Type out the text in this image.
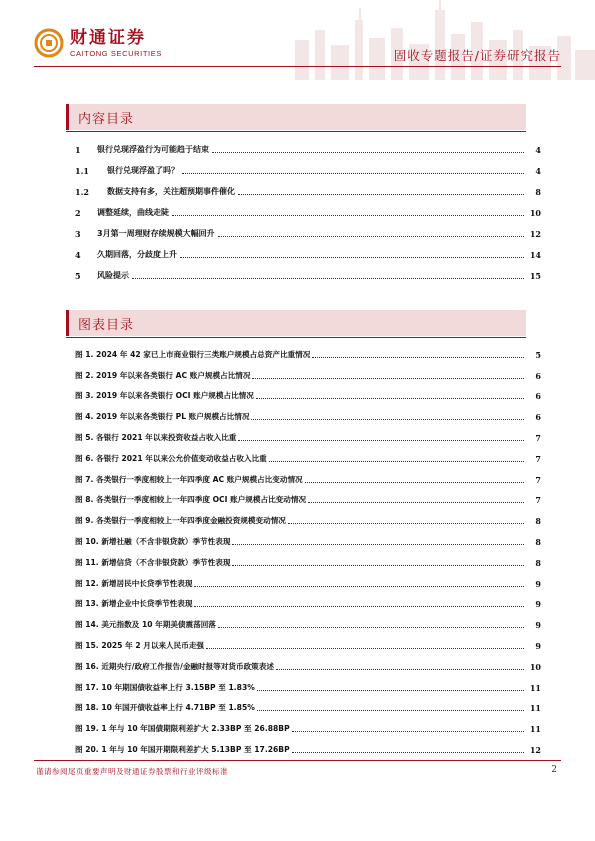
财通证券
CAITONG SECURITIES	固收专题报告/证券研究报告
内容目录
1	银行兑现浮盈行为可能趋于结束	4
1.1	银行兑现浮盈了吗？	4
1.2	数据支持有多，关注超预期事件催化	8
2	调整延续，曲线走陡	10
3	3月第一周理财存续规模大幅回升	12
4	久期回落，分歧度上升	14
5	风险提示	15
图表目录
图 1. 2024 年 42 家已上市商业银行三类账户规模占总资产比重情况	5
图 2. 2019 年以来各类银行 AC 账户规模占比情况	6
图 3. 2019 年以来各类银行 OCI 账户规模占比情况	6
图 4. 2019 年以来各类银行 PL 账户规模占比情况	6
图 5. 各银行 2021 年以来投资收益占收入比重	7
图 6. 各银行 2021 年以来公允价值变动收益占收入比重	7
图 7. 各类银行一季度相较上一年四季度 AC 账户规模占比变动情况	7
图 8. 各类银行一季度相较上一年四季度 OCI 账户规模占比变动情况	7
图 9. 各类银行一季度相较上一年四季度金融投资规模变动情况	8
图 10. 新增社融（不含非银贷款）季节性表现	8
图 11. 新增信贷（不含非银贷款）季节性表现	8
图 12. 新增居民中长贷季节性表现	9
图 13. 新增企业中长贷季节性表现	9
图 14. 美元指数及 10 年期美债震荡回落	9
图 15. 2025 年 2 月以来人民币走强	9
图 16. 近期央行/政府工作报告/金融时报等对货币政策表述	10
图 17. 10 年期国债收益率上行 3.15BP 至 1.83%	11
图 18. 10 年国开债收益率上行 4.71BP 至 1.85%	11
图 19. 1 年与 10 年国债期限利差扩大 2.33BP 至 26.88BP	11
图 20. 1 年与 10 年国开期限利差扩大 5.13BP 至 17.26BP	12
谨请参阅尾页重要声明及财通证券股票和行业评级标准	2
